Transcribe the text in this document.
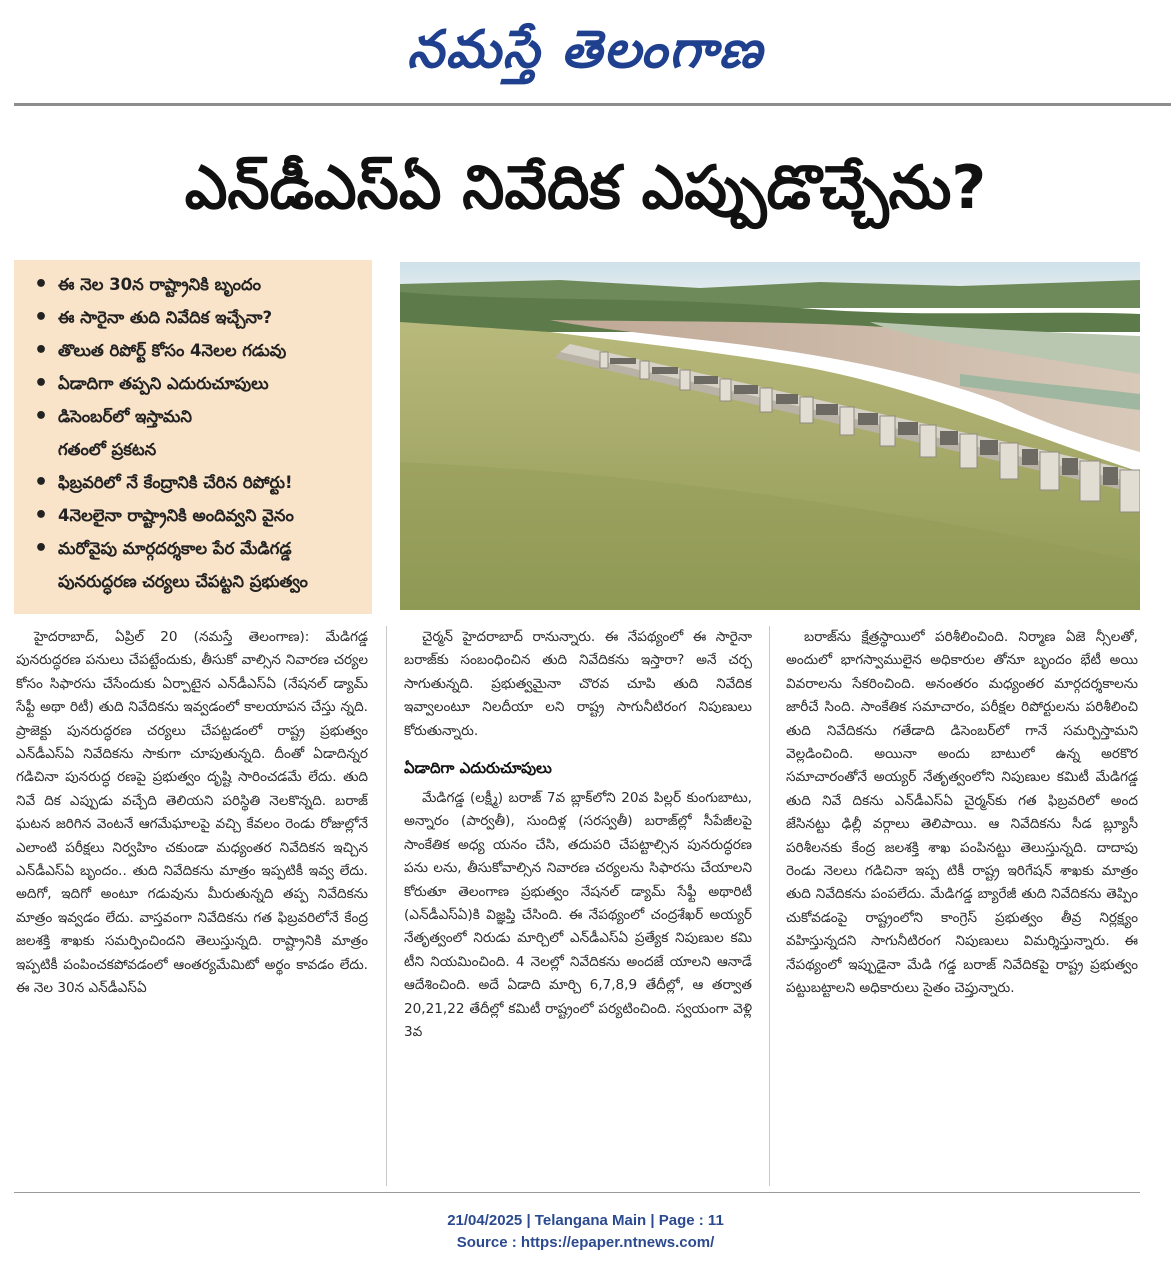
నమస్తే తెలంగాణ
ఎన్‌డీఎస్‌ఏ నివేదిక ఎప్పుడొచ్చేను?
• ఈ నెల 30న రాష్ట్రానికి బృందం
• ఈ సారైనా తుది నివేదిక ఇచ్చేనా?
• తొలుత రిపోర్ట్ కోసం 4నెలల గడువు
• ఏడాదిగా తప్పని ఎదురుచూపులు
• డిసెంబర్‌లో ఇస్తామని
గతంలో ప్రకటన
• ఫిబ్రవరిలో నే కేంద్రానికి చేరిన రిపోర్టు!
• 4నెలలైనా రాష్ట్రానికి అందివ్వని వైనం
• మరోవైపు మార్గదర్శకాల పేర మేడిగడ్డ
పునరుద్ధరణ చర్యలు చేపట్టని ప్రభుత్వం

హైదరాబాద్, ఏప్రిల్ 20 (నమస్తే తెలంగాణ): మేడిగడ్డ పునరుద్ధరణ పనులు చేపట్టేందుకు, తీసుకో వాల్సిన నివారణ చర్యల కోసం సిఫారసు చేసేందుకు ఏర్పాటైన ఎన్‌డీఎస్‌ఏ (నేషనల్ డ్యామ్ సేఫ్టీ అథా రిటీ) తుది నివేదికను ఇవ్వడంలో కాలయాపన చేస్తు న్నది. ప్రాజెక్టు పునరుద్ధరణ చర్యలు చేపట్టడంలో రాష్ట్ర ప్రభుత్వం ఎన్‌డీఎస్‌ఏ నివేదికను సాకుగా చూపుతున్నది. దీంతో ఏడాదిన్నర గడిచినా పునరుద్ధ రణపై ప్రభుత్వం దృష్టి సారించడమే లేదు. తుది నివే దిక ఎప్పుడు వచ్చేది తెలియని పరిస్థితి నెలకొన్నది. బరాజ్ ఘటన జరిగిన వెంటనే ఆగమేఘాలపై వచ్చి కేవలం రెండు రోజుల్లోనే ఎలాంటి పరీక్షలు నిర్వహిం చకుండా మధ్యంతర నివేదికన ఇచ్చిన ఎన్‌డీఎస్‌ఏ బృందం.. తుది నివేదికను మాత్రం ఇప్పటికీ ఇవ్వ లేదు. అదిగో, ఇదిగో అంటూ గడువును మీరుతున్నది తప్ప నివేదికను మాత్రం ఇవ్వడం లేదు. వాస్తవంగా నివేదికను గత ఫిబ్రవరిలోనే కేంద్ర జలశక్తి శాఖకు సమర్పించిందని తెలుస్తున్నది. రాష్ట్రానికి మాత్రం ఇప్పటికీ పంపించకపోవడంలో ఆంతర్యమేమిటో అర్థం కావడం లేదు. ఈ నెల 30న ఎన్‌డీఎస్‌ఏ

చైర్మన్ హైదరాబాద్ రానున్నారు. ఈ నేపథ్యంలో ఈ సారైనా బరాజ్‌కు సంబంధించిన తుది నివేదికను ఇస్తారా? అనే చర్చ సాగుతున్నది. ప్రభుత్వమైనా చొరవ చూపి తుది నివేదిక ఇవ్వాలంటూ నిలదీయా లని రాష్ట్ర సాగునీటిరంగ నిపుణులు కోరుతున్నారు.

ఏడాదిగా ఎదురుచూపులు

మేడిగడ్డ (లక్ష్మీ) బరాజ్ 7వ బ్లాక్‌లోని 20వ పిల్లర్ కుంగుబాటు, అన్నారం (పార్వతీ), సుందిళ్ల (సరస్వతీ) బరాజ్‌ల్లో సీపేజీలపై సాంకేతిక అధ్య యనం చేసి, తదుపరి చేపట్టాల్సిన పునరుద్ధరణ పను లను, తీసుకోవాల్సిన నివారణ చర్యలను సిఫారసు చేయాలని కోరుతూ తెలంగాణ ప్రభుత్వం నేషనల్ డ్యామ్ సేఫ్టీ అథారిటీ (ఎన్‌డీఎస్‌ఏ)కి విజ్ఞప్తి చేసింది. ఈ నేపథ్యంలో చంద్రశేఖర్ అయ్యర్ నేతృత్వంలో నిరుడు మార్చిలో ఎన్‌డీఎస్‌ఏ ప్రత్యేక నిపుణుల కమి టీని నియమించింది. 4 నెలల్లో నివేదికను అందజే యాలని ఆనాడే ఆదేశించింది. అదే ఏడాది మార్చి 6,7,8,9 తేదీల్లో, ఆ తర్వాత 20,21,22 తేదీల్లో కమిటీ రాష్ట్రంలో పర్యటించింది. స్వయంగా వెళ్లి 3వ

బరాజ్‌ను క్షేత్రస్థాయిలో పరిశీలించింది. నిర్మాణ ఏజె న్సీలతో, అందులో భాగస్వాములైన అధికారుల తోనూ బృందం భేటీ అయి వివరాలను సేకరించింది. అనంతరం మధ్యంతర మార్గదర్శకాలను జారీచే సింది. సాంకేతిక సమాచారం, పరీక్షల రిపోర్టులను పరిశీలించి తుది నివేదికను గతేడాది డిసెంబర్‌లో గానే సమర్పిస్తామని వెల్లడించింది. అయినా అందు బాటులో ఉన్న అరకొర సమాచారంతోనే అయ్యర్ నేతృత్వంలోని నిపుణుల కమిటీ మేడిగడ్డ తుది నివే దికను ఎన్‌డీఎస్‌ఏ చైర్మన్‌కు గత ఫిబ్రవరిలో అంద జేసినట్టు ఢిల్లీ వర్గాలు తెలిపాయి. ఆ నివేదికను సీడ బ్ల్యూసీ పరిశీలనకు కేంద్ర జలశక్తి శాఖ పంపినట్టు తెలుస్తున్నది. దాదాపు రెండు నెలలు గడిచినా ఇప్ప టికీ రాష్ట్ర ఇరిగేషన్ శాఖకు మాత్రం తుది నివేదికను పంపలేదు. మేడిగడ్డ బ్యారేజీ తుది నివేదికను తెప్పిం చుకోవడంపై రాష్ట్రంలోని కాంగ్రెస్ ప్రభుత్వం తీవ్ర నిర్లక్ష్యం వహిస్తున్నదని సాగునీటిరంగ నిపుణులు విమర్శిస్తున్నారు. ఈ నేపథ్యంలో ఇప్పుడైనా మేడి గడ్డ బరాజ్ నివేదికపై రాష్ట్ర ప్రభుత్వం పట్టుబట్టాలని అధికారులు సైతం చెప్తున్నారు.

21/04/2025 | Telangana Main | Page : 11
Source : https://epaper.ntnews.com/
